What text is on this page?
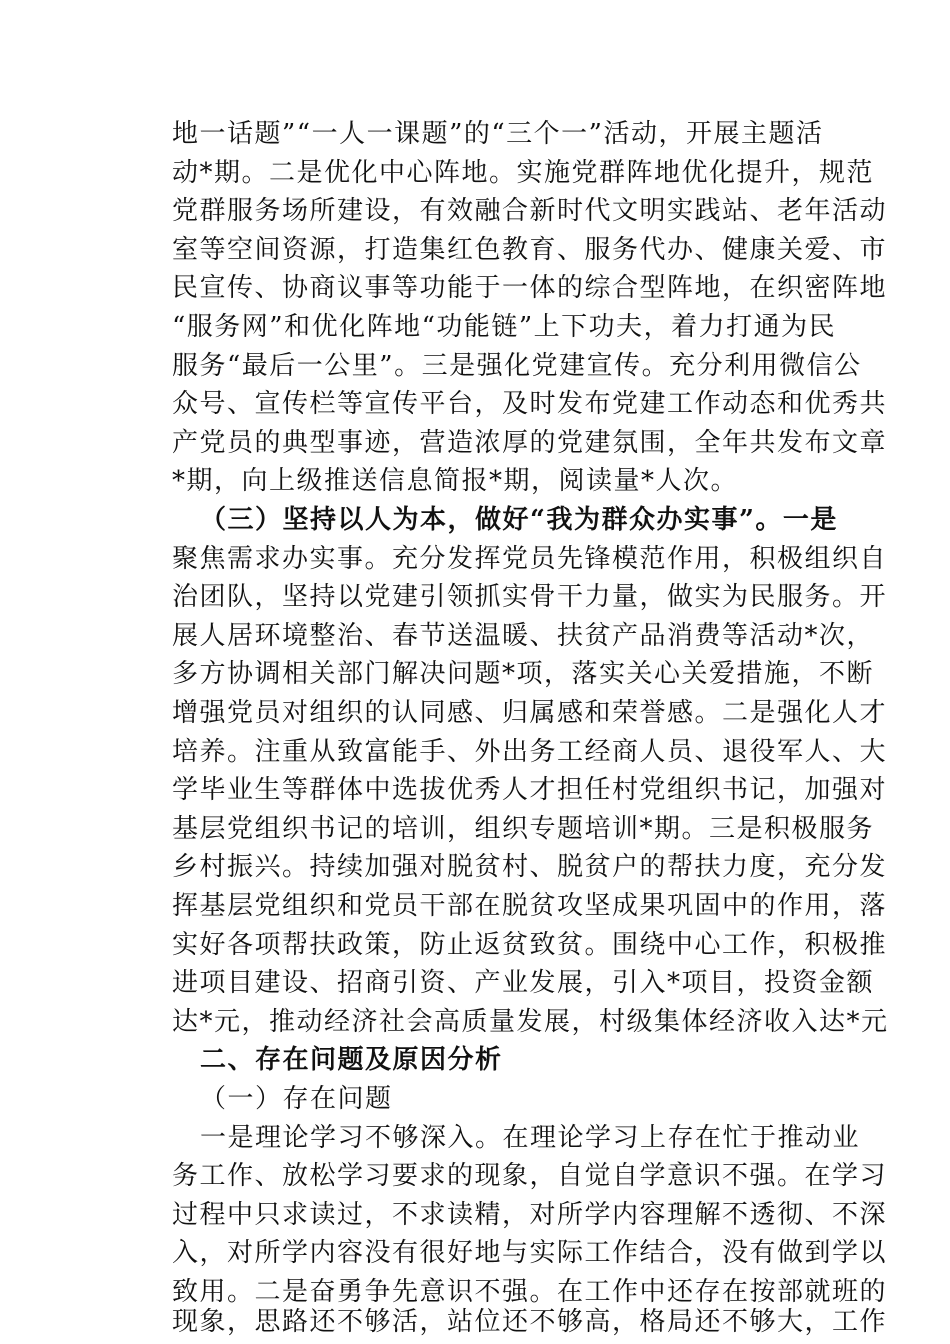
地一话题”“一人一课题”的“三个一”活动，开展主题活
动*期。二是优化中心阵地。实施党群阵地优化提升，规范
党群服务场所建设，有效融合新时代文明实践站、老年活动
室等空间资源，打造集红色教育、服务代办、健康关爱、市
民宣传、协商议事等功能于一体的综合型阵地，在织密阵地
“服务网”和优化阵地“功能链”上下功夫，着力打通为民
服务“最后一公里”。三是强化党建宣传。充分利用微信公
众号、宣传栏等宣传平台，及时发布党建工作动态和优秀共
产党员的典型事迹，营造浓厚的党建氛围，全年共发布文章
*期，向上级推送信息简报*期，阅读量*人次。
（三）坚持以人为本，做好“我为群众办实事”。一是
聚焦需求办实事。充分发挥党员先锋模范作用，积极组织自
治团队，坚持以党建引领抓实骨干力量，做实为民服务。开
展人居环境整治、春节送温暖、扶贫产品消费等活动*次，
多方协调相关部门解决问题*项，落实关心关爱措施，不断
增强党员对组织的认同感、归属感和荣誉感。二是强化人才
培养。注重从致富能手、外出务工经商人员、退役军人、大
学毕业生等群体中选拔优秀人才担任村党组织书记，加强对
基层党组织书记的培训，组织专题培训*期。三是积极服务
乡村振兴。持续加强对脱贫村、脱贫户的帮扶力度，充分发
挥基层党组织和党员干部在脱贫攻坚成果巩固中的作用，落
实好各项帮扶政策，防止返贫致贫。围绕中心工作，积极推
进项目建设、招商引资、产业发展，引入*项目，投资金额
达*元，推动经济社会高质量发展，村级集体经济收入达*元
二、存在问题及原因分析
（一）存在问题
一是理论学习不够深入。在理论学习上存在忙于推动业
务工作、放松学习要求的现象，自觉自学意识不强。在学习
过程中只求读过，不求读精，对所学内容理解不透彻、不深
入，对所学内容没有很好地与实际工作结合，没有做到学以
致用。二是奋勇争先意识不强。在工作中还存在按部就班的
现象，思路还不够活，站位还不够高，格局还不够大，工作
